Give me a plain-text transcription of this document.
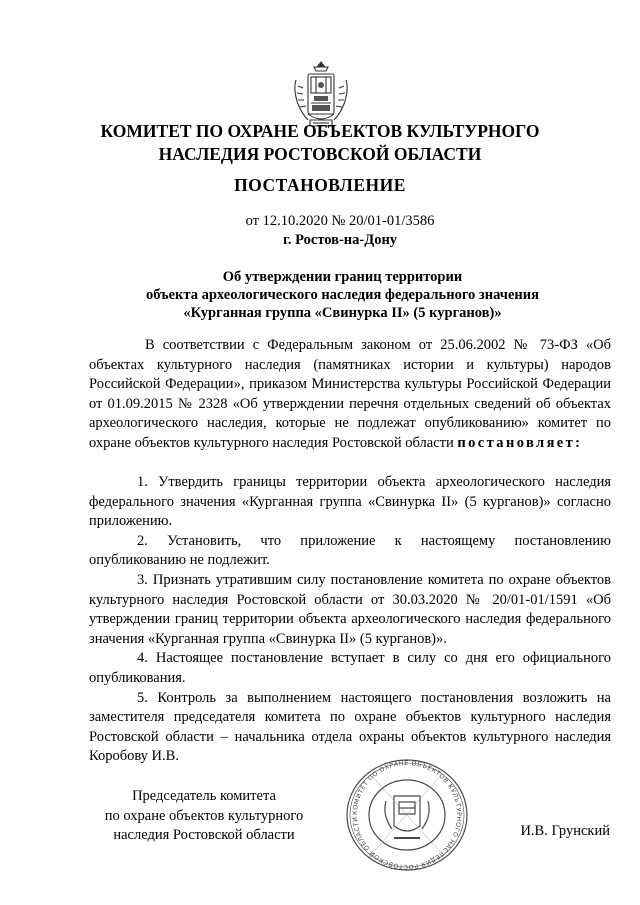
КОМИТЕТ ПО ОХРАНЕ ОБЪЕКТОВ КУЛЬТУРНОГО
НАСЛЕДИЯ РОСТОВСКОЙ ОБЛАСТИ
ПОСТАНОВЛЕНИЕ
от 12.10.2020 № 20/01-01/3586
г. Ростов-на-Дону
Об утверждении границ территории
объекта археологического наследия федерального значения
«Курганная группа «Свинурка II» (5 курганов)»

В соответствии с Федеральным законом от 25.06.2002 № 73-ФЗ «Об объектах культурного наследия (памятниках истории и культуры) народов Российской Федерации», приказом Министерства культуры Российской Федерации от 01.09.2015 № 2328 «Об утверждении перечня отдельных сведений об объектах археологического наследия, которые не подлежат опубликованию» комитет по охране объектов культурного наследия Ростовской области постановляет:

1. Утвердить границы территории объекта археологического наследия федерального значения «Курганная группа «Свинурка II» (5 курганов)» согласно приложению.

2. Установить, что приложение к настоящему постановлению опубликованию не подлежит.

3. Признать утратившим силу постановление комитета по охране объектов культурного наследия Ростовской области от 30.03.2020 № 20/01-01/1591 «Об утверждении границ территории объекта археологического наследия федерального значения «Курганная группа «Свинурка II» (5 курганов)».

4. Настоящее постановление вступает в силу со дня его официального опубликования.

5. Контроль за выполнением настоящего постановления возложить на заместителя председателя комитета по охране объектов культурного наследия Ростовской области – начальника отдела охраны объектов культурного наследия Коробову И.В.

Председатель комитета
по охране объектов культурного
наследия Ростовской области
КОМИТЕТ ПО ОХРАНЕ ОБЪЕКТОВ КУЛЬТУРНОГО НАСЛЕДИЯ РОСТОВСКОЙ ОБЛАСТИ
И.В. Грунский
